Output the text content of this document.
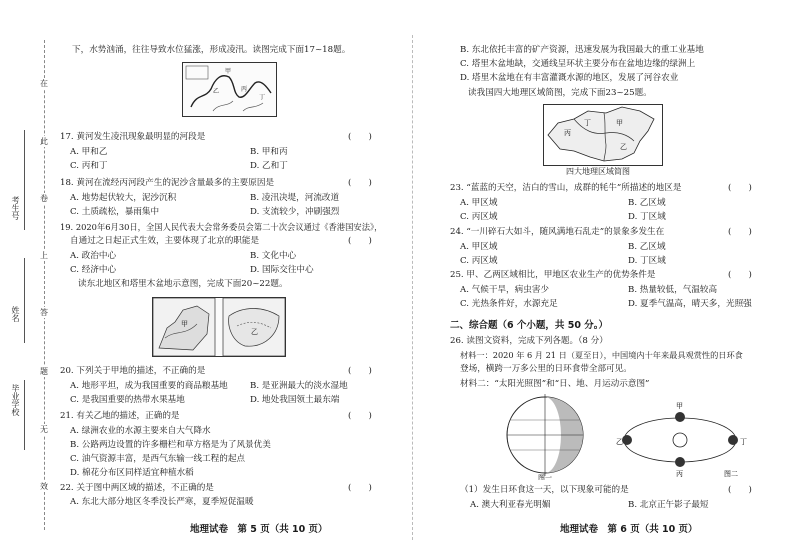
在
此
卷
上
答
题
无
效
考生号
姓名
毕业学校
下，水势汹涌，往往导致水位猛涨，形成凌汛。读图完成下面17~18题。
甲
乙	丙
丁
17. 黄河发生凌汛现象最明显的河段是	(　　)
A. 甲和乙	B. 甲和丙
C. 丙和丁	D. 乙和丁
18. 黄河在流经丙河段产生的泥沙含量最多的主要原因是	(　　)
A. 地势起伏较大，泥沙沉积	B. 凌汛决堤，河流改道
C. 土质疏松，暴雨集中	D. 支流较少，冲刷强烈
19. 2020年6月30日，全国人民代表大会常务委员会第二十次会议通过《香港国安法》，
自通过之日起正式生效，主要体现了北京的职能是	(　　)
A. 政治中心	B. 文化中心
C. 经济中心	D. 国际交往中心
读东北地区和塔里木盆地示意图，完成下面20~22题。
甲
乙
20. 下列关于甲地的描述，不正确的是	(　　)
A. 地形平坦，成为我国重要的商品粮基地	B. 是亚洲最大的淡水湿地
C. 是我国重要的热带水果基地	D. 地处我国领土最东端
21. 有关乙地的描述，正确的是	(　　)
A. 绿洲农业的水源主要来自大气降水
B. 公路两边设置的许多栅栏和草方格是为了风景优美
C. 油气资源丰富，是西气东输一线工程的起点
D. 棉花分布区同样适宜种植水稻
22. 关于图中两区域的描述，不正确的是	(　　)
A. 东北大部分地区冬季没长严寒，夏季短促温暖
地理试卷　第 5 页（共 10 页）
B. 东北依托丰富的矿产资源，迅速发展为我国最大的重工业基地
C. 塔里木盆地缺，交通线呈环状主要分布在盆地边缘的绿洲上
D. 塔里木盆地在有丰富灌溉水源的地区，发展了河谷农业
读我国四大地理区域简图，完成下面23~25题。
丙
丁	甲
乙
四大地理区域简图
23. “蓝蓝的天空，洁白的雪山，成群的牦牛”所描述的地区是	(　　)
A. 甲区域	B. 乙区域
C. 丙区域	D. 丁区域
24. “一川碎石大如斗，随风满地石乱走”的景象多发生在	(　　)
A. 甲区域	B. 乙区域
C. 丙区域	D. 丁区域
25. 甲、乙两区域相比，甲地区农业生产的优势条件是	(　　)
A. 气候干旱，病虫害少	B. 热量较低，气温较高
C. 光热条件好，水源充足	D. 夏季气温高，晴天多，光照强
二、综合题（6 个小题，共 50 分。）
26. 读图文资料，完成下列各题。（8 分）
材料一：2020 年 6 月 21 日（夏至日），中国境内十年来最具观赏性的日环食
登场，横跨一万多公里的日环食带全部可见。
材料二：“太阳光照图”和“日、地、月运动示意图”
图一
甲
乙
丙
丁
图二
（1）发生日环食这一天，以下现象可能的是	(　　)
A. 澳大利亚春光明媚	B. 北京正午影子最短
地理试卷　第 6 页（共 10 页）
